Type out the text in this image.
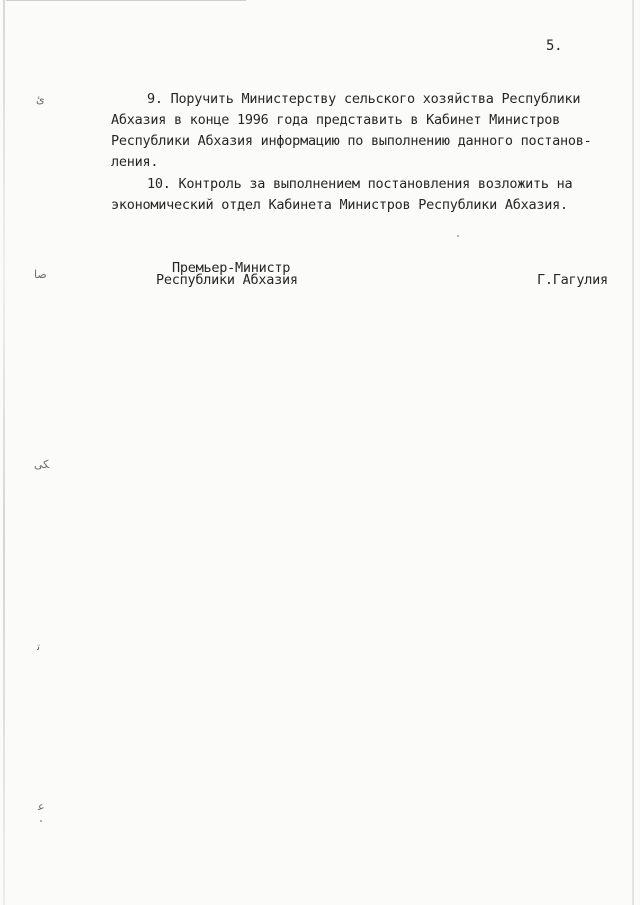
5.
9. Поручить Министерству сельского хозяйства Республики
Абхазия в конце 1996 года представить в Кабинет Министров
Республики Абхазия информацию по выполнению данного постанов-
ления.
10. Контроль за выполнением постановления возложить на
экономический отдел Кабинета Министров Республики Абхазия.
Премьер-Министр
Республики Абхазия	Г.Гагулия
ئ
ﺻﺎ
ﻜﻰ
ﺗ
ﻋ
